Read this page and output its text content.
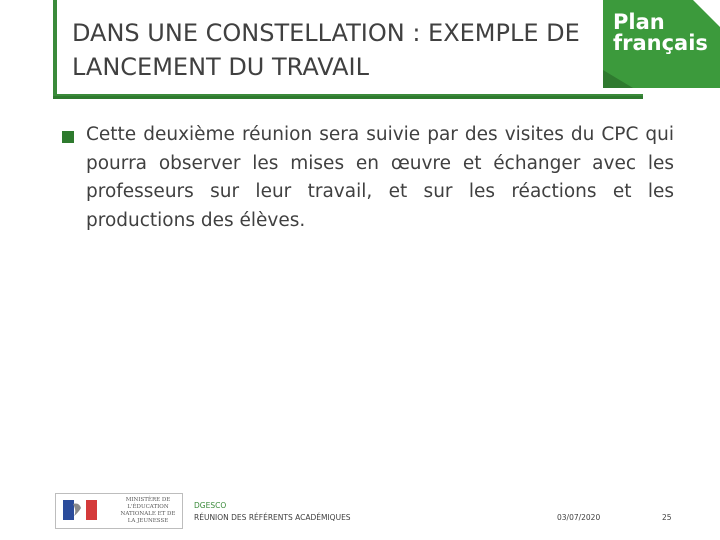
DANS UNE CONSTELLATION : EXEMPLE DE
LANCEMENT DU TRAVAIL
Plan
français
Cette deuxième réunion sera suivie par des visites du CPC qui pourra observer les mises en œuvre et échanger avec les professeurs sur leur travail, et sur les réactions et les productions des élèves.
MINISTÈRE DE L'ÉDUCATION NATIONALE ET DE LA JEUNESSE
DGESCO
RÉUNION DES RÉFÉRENTS ACADÉMIQUES	03/07/2020	25
